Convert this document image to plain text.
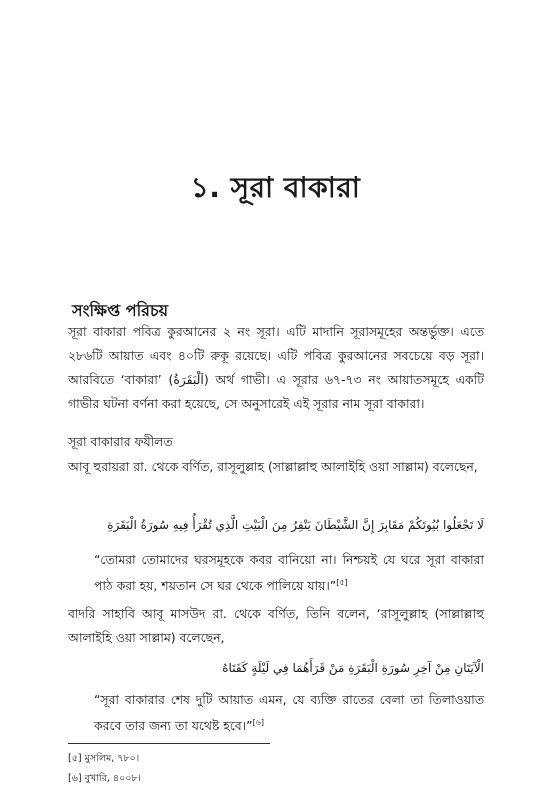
১. সূরা বাকারা
সংক্ষিপ্ত পরিচয়
সূরা বাকারা পবিত্র কুরআনের ২ নং সূরা। এটি মাদানি সূরাসমূহের অন্তর্ভুক্ত। এতে ২৮৬টি আয়াত এবং ৪০টি রুকূ রয়েছে। এটি পবিত্র কুরআনের সবচেয়ে বড় সূরা। আরবিতে ‘বাকারা’ (اَلْبَقَرَةُ) অর্থ গাভী। এ সূরার ৬৭-৭৩ নং আয়াতসমূহে একটি গাভীর ঘটনা বর্ণনা করা হয়েছে, সে অনুসারেই এই সূরার নাম সূরা বাকারা।
সূরা বাকারার ফযীলত
আবূ হুরায়রা রা. থেকে বর্ণিত, রাসূলুল্লাহ (সাল্লাল্লাহু আলাইহি ওয়া সাল্লাম) বলেছেন,
لَا تَجْعَلُوا بُيُوتَكُمْ مَقَابِرَ إِنَّ الشَّيْطَانَ يَنْفِرُ مِنَ الْبَيْتِ الَّذِي تُقْرَأُ فِيهِ سُورَةُ الْبَقَرَةِ
“তোমরা তোমাদের ঘরসমূহকে কবর বানিয়ো না। নিশ্চয়ই যে ঘরে সূরা বাকারা পাঠ করা হয়, শয়তান সে ঘর থেকে পালিয়ে যায়।”[৫]
বাদরি সাহাবি আবূ মাসউদ রা. থেকে বর্ণিত, তিনি বলেন, ‘রাসূলুল্লাহ (সাল্লাল্লাহু আলাইহি ওয়া সাল্লাম) বলেছেন,
الْآيَتَانِ مِنْ آخِرِ سُورَةِ الْبَقَرَةِ مَنْ قَرَأَهُمَا فِي لَيْلَةٍ كَفَتَاهُ
“সূরা বাকারার শেষ দুটি আয়াত এমন, যে ব্যক্তি রাতের বেলা তা তিলাওয়াত করবে তার জন্য তা যথেষ্ট হবে।”[৬]
[৫] মুসলিম, ৭৮০।
[৬] বুখারি, ৪০০৮।
